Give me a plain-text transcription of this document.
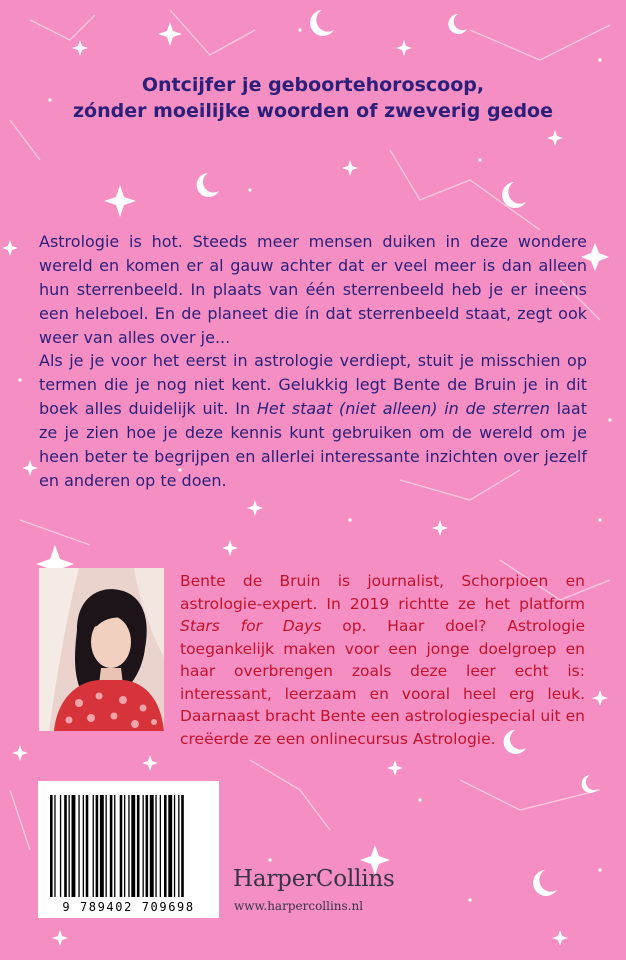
Ontcijfer je geboortehoroscoop,
zónder moeilijke woorden of zweverig gedoe

Astrologie is hot. Steeds meer mensen duiken in deze wondere wereld en komen er al gauw achter dat er veel meer is dan alleen hun sterrenbeeld. In plaats van één sterrenbeeld heb je er ineens een heleboel. En de planeet die ín dat sterrenbeeld staat, zegt ook weer van alles over je...

Als je je voor het eerst in astrologie verdiept, stuit je misschien op termen die je nog niet kent. Gelukkig legt Bente de Bruin je in dit boek alles duidelijk uit. In Het staat (niet alleen) in de sterren laat ze je zien hoe je deze kennis kunt gebruiken om de wereld om je heen beter te begrijpen en allerlei interessante inzichten over jezelf en anderen op te doen.

Bente de Bruin is journalist, Schorpioen en astrologie-expert. In 2019 richtte ze het platform Stars for Days op. Haar doel? Astrologie toegankelijk maken voor een jonge doelgroep en haar overbrengen zoals deze leer echt is: interessant, leerzaam en vooral heel erg leuk. Daarnaast bracht Bente een astrologiespecial uit en creëerde ze een onlinecursus Astrologie.

9 789402 709698

HarperCollins

www.harpercollins.nl
